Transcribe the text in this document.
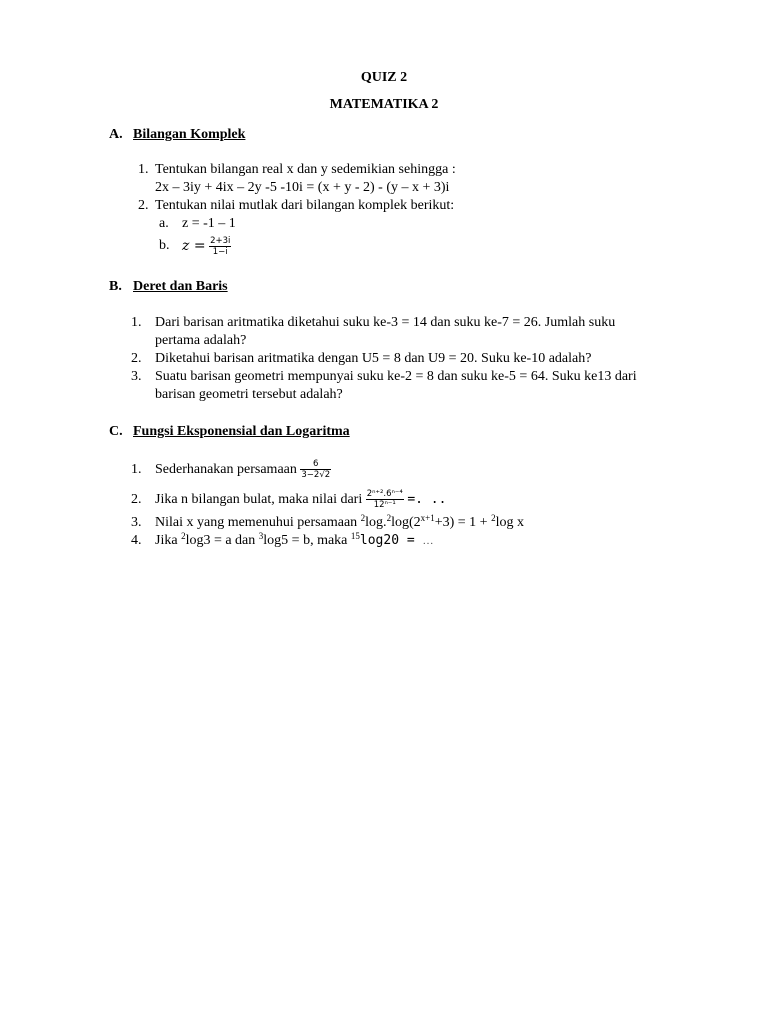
QUIZ 2
MATEMATIKA 2
A. Bilangan Komplek
1. Tentukan bilangan real x dan y sedemikian sehingga :
2x – 3iy + 4ix – 2y -5 -10i = (x + y - 2) - (y – x + 3)i
2. Tentukan nilai mutlak dari bilangan komplek berikut:
a. z = -1 – 1
b. $z = \frac{2+3i}{1-i}$
B. Deret dan Baris
1. Dari barisan aritmatika diketahui suku ke-3 = 14 dan suku ke-7 = 26. Jumlah suku
pertama adalah?
2. Diketahui barisan aritmatika dengan U5 = 8 dan U9 = 20. Suku ke-10 adalah?
3. Suatu barisan geometri mempunyai suku ke-2 = 8 dan suku ke-5 = 64. Suku ke13 dari
barisan geometri tersebut adalah?
C. Fungsi Eksponensial dan Logaritma
1. Sederhanakan persamaan $\frac{6}{3-2√2}$
2. Jika n bilangan bulat, maka nilai dari $\frac{\text{2ⁿ⁺².6ⁿ⁻⁴}}{\text{12ⁿ⁻¹}}$ =. ..
3. Nilai x yang memenuhui persamaan $^2\log.^2\log(2^{x+1}+3) = 1 + ^2\log$ x
4. Jika $^2$log3 = a dan $^3$log5 = b, maka $^{15}$log20 = …
